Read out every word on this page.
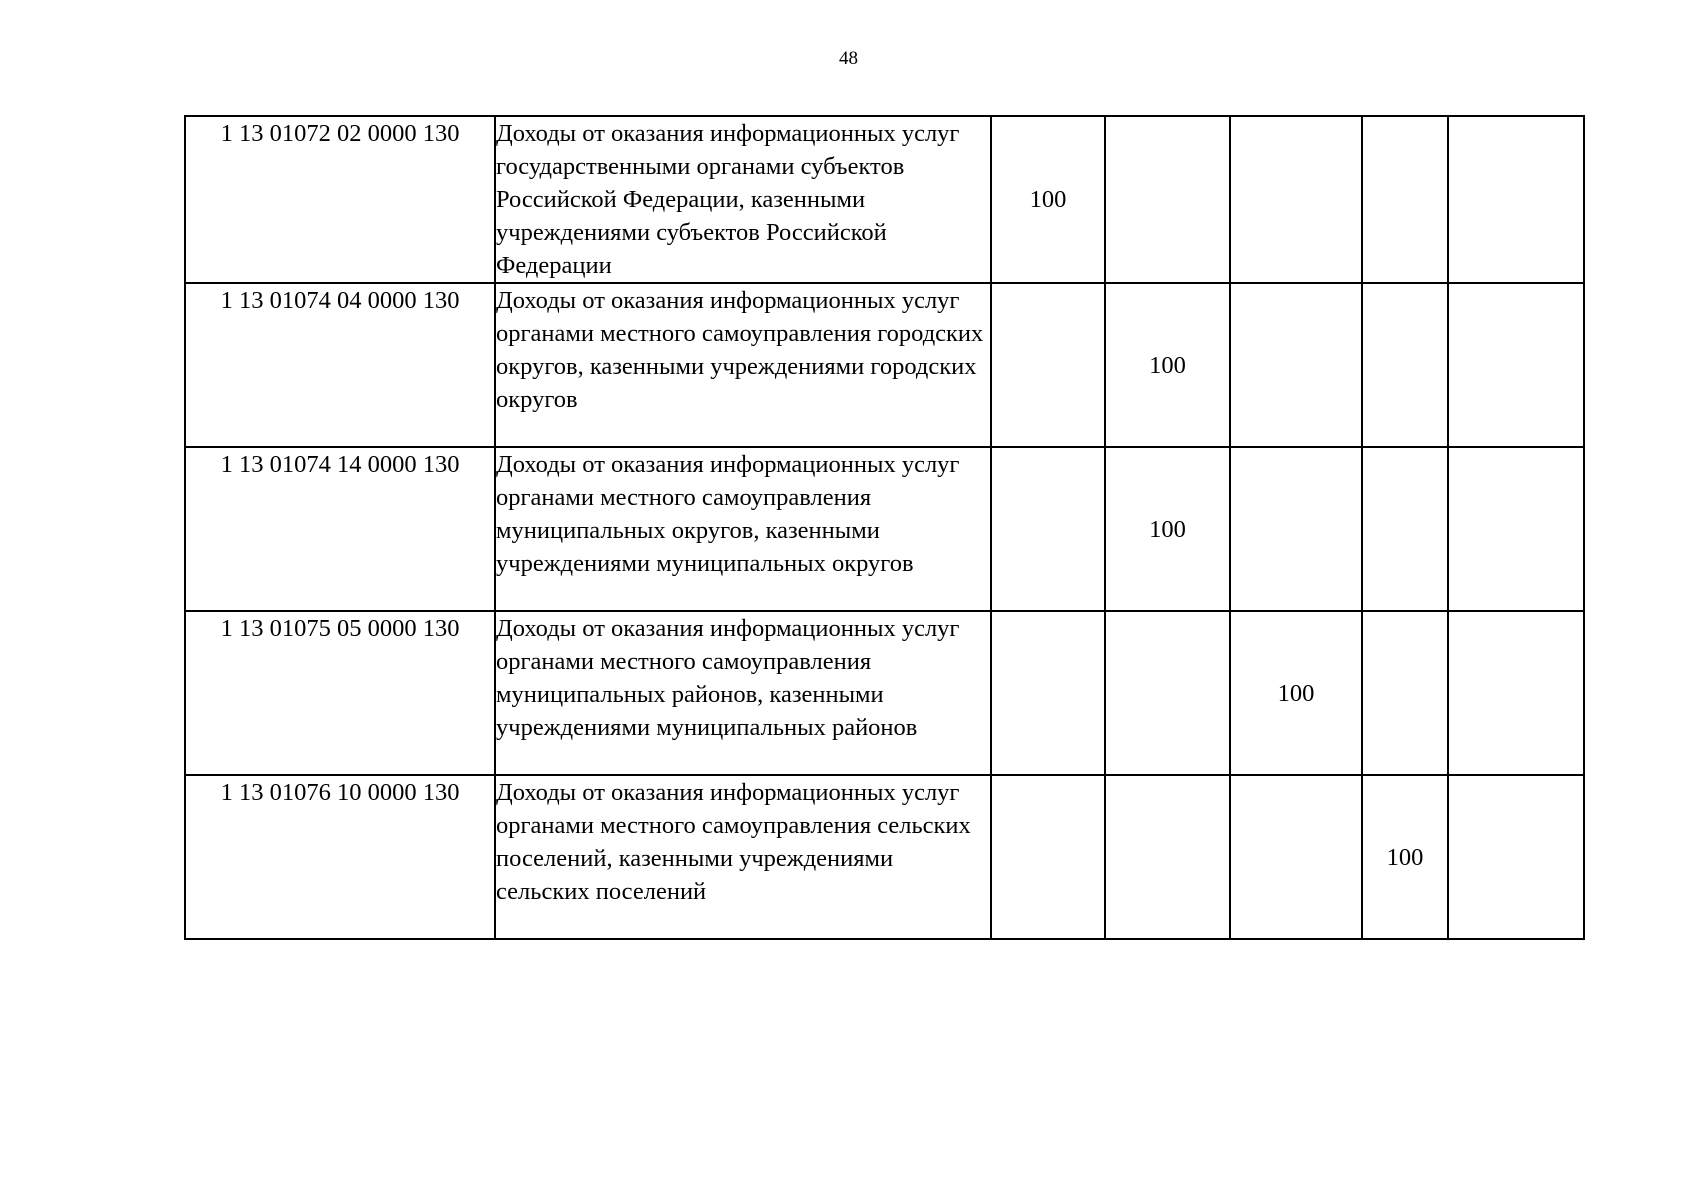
48
1 13 01072 02 0000 130	Доходы от оказания информационных услуг государственными органами субъектов Российской Федерации, казенными учреждениями субъектов Российской Федерации	100				
1 13 01074 04 0000 130	Доходы от оказания информационных услуг органами местного самоуправления городских округов, казенными учреждениями городских округов		100			
1 13 01074 14 0000 130	Доходы от оказания информационных услуг органами местного самоуправления муниципальных округов, казенными учреждениями муниципальных округов		100			
1 13 01075 05 0000 130	Доходы от оказания информационных услуг органами местного самоуправления муниципальных районов, казенными учреждениями муниципальных районов			100		
1 13 01076 10 0000 130	Доходы от оказания информационных услуг органами местного самоуправления сельских поселений, казенными учреждениями сельских поселений				100	
